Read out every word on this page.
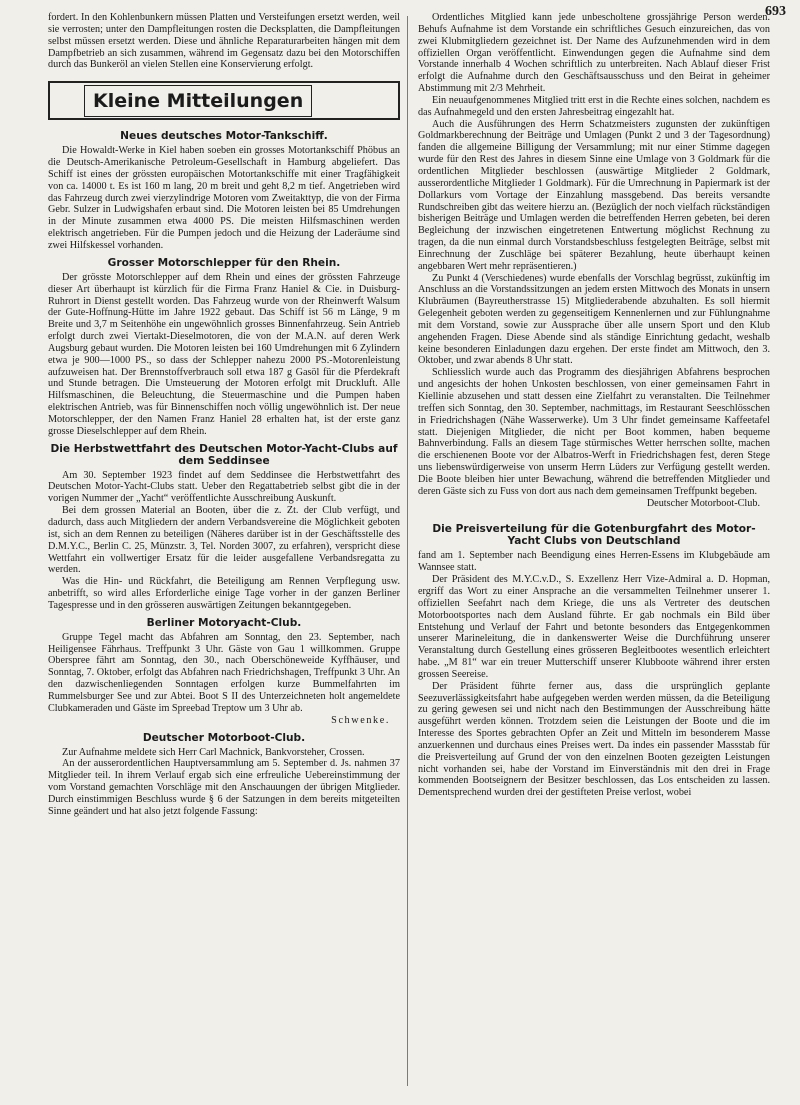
693

fordert. In den Kohlenbunkern müssen Platten und Versteifungen ersetzt werden, weil sie verrosten; unter den Dampfleitungen rosten die Decksplatten, die Dampfleitungen selbst müssen ersetzt werden. Diese und ähnliche Reparaturarbeiten hängen mit dem Dampfbetrieb an sich zusammen, während im Gegensatz dazu bei den Motorschiffen durch das Bunkeröl an vielen Stellen eine Konservierung erfolgt.

Kleine Mitteilungen
Neues deutsches Motor-Tankschiff.

Die Howaldt-Werke in Kiel haben soeben ein grosses Motortankschiff Phöbus an die Deutsch-Amerikanische Petroleum-Gesellschaft in Hamburg abgeliefert. Das Schiff ist eines der grössten europäischen Motortankschiffe mit einer Tragfähigkeit von ca. 14000 t. Es ist 160 m lang, 20 m breit und geht 8,2 m tief. Angetrieben wird das Fahrzeug durch zwei vierzylindrige Motoren vom Zweitakttyp, die von der Firma Gebr. Sulzer in Ludwigshafen erbaut sind. Die Motoren leisten bei 85 Umdrehungen in der Minute zusammen etwa 4000 PS. Die meisten Hilfsmaschinen werden elektrisch angetrieben. Für die Pumpen jedoch und die Heizung der Laderäume sind zwei Hilfskessel vorhanden.

Grosser Motorschlepper für den Rhein.

Der grösste Motorschlepper auf dem Rhein und eines der grössten Fahrzeuge dieser Art überhaupt ist kürzlich für die Firma Franz Haniel & Cie. in Duisburg-Ruhrort in Dienst gestellt worden. Das Fahrzeug wurde von der Rheinwerft Walsum der Gute-Hoffnung-Hütte im Jahre 1922 gebaut. Das Schiff ist 56 m Länge, 9 m Breite und 3,7 m Seitenhöhe ein ungewöhnlich grosses Binnenfahrzeug. Sein Antrieb erfolgt durch zwei Viertakt-Dieselmotoren, die von der M.A.N. auf deren Werk Augsburg gebaut wurden. Die Motoren leisten bei 160 Umdrehungen mit 6 Zylindern etwa je 900—1000 PS., so dass der Schlepper nahezu 2000 PS.-Motorenleistung aufzuweisen hat. Der Brennstoffverbrauch soll etwa 187 g Gasöl für die Pferdekraft und Stunde betragen. Die Umsteuerung der Motoren erfolgt mit Druckluft. Alle Hilfsmaschinen, die Beleuchtung, die Steuermaschine und die Pumpen haben elektrischen Antrieb, was für Binnenschiffen noch völlig ungewöhnlich ist. Der neue Motorschlepper, der den Namen Franz Haniel 28 erhalten hat, ist der erste ganz grosse Dieselschlepper auf dem Rhein.

Die Herbstwettfahrt des Deutschen Motor-Yacht-Clubs auf dem Seddinsee

Am 30. September 1923 findet auf dem Seddinsee die Herbstwettfahrt des Deutschen Motor-Yacht-Clubs statt. Ueber den Regattabetrieb selbst gibt die in der vorigen Nummer der „Yacht“ veröffentlichte Ausschreibung Auskunft.

Bei dem grossen Material an Booten, über die z. Zt. der Club verfügt, und dadurch, dass auch Mitgliedern der andern Verbandsvereine die Möglichkeit geboten ist, sich an dem Rennen zu beteiligen (Näheres darüber ist in der Geschäftsstelle des D.M.Y.C., Berlin C. 25, Münzstr. 3, Tel. Norden 3007, zu erfahren), verspricht diese Wettfahrt ein vollwertiger Ersatz für die leider ausgefallene Verbandsregatta zu werden.

Was die Hin- und Rückfahrt, die Beteiligung am Rennen Verpflegung usw. anbetrifft, so wird alles Erforderliche einige Tage vorher in der ganzen Berliner Tagespresse und in den grösseren auswärtigen Zeitungen bekanntgegeben.

Berliner Motoryacht-Club.

Gruppe Tegel macht das Abfahren am Sonntag, den 23. September, nach Heiligensee Fährhaus. Treffpunkt 3 Uhr. Gäste von Gau 1 willkommen. Gruppe Oberspree fährt am Sonntag, den 30., nach Oberschöneweide Kyffhäuser, und Sonntag, 7. Oktober, erfolgt das Abfahren nach Friedrichshagen, Treffpunkt 3 Uhr. An den dazwischenliegenden Sonntagen erfolgen kurze Bummelfahrten im Rummelsburger See und zur Abtei. Boot S II des Unterzeichneten holt angemeldete Clubkameraden und Gäste im Spreebad Treptow um 3 Uhr ab.

Schwenke.

Deutscher Motorboot-Club.

Zur Aufnahme meldete sich Herr Carl Machnick, Bankvorsteher, Crossen.

An der ausserordentlichen Hauptversammlung am 5. September d. Js. nahmen 37 Mitglieder teil. In ihrem Verlauf ergab sich eine erfreuliche Uebereinstimmung der vom Vorstand gemachten Vorschläge mit den Anschauungen der übrigen Mitglieder. Durch einstimmigen Beschluss wurde § 6 der Satzungen in dem bereits mitgeteilten Sinne geändert und hat also jetzt folgende Fassung:

Ordentliches Mitglied kann jede unbescholtene grossjährige Person werden. Behufs Aufnahme ist dem Vorstande ein schriftliches Gesuch einzureichen, das von zwei Klubmitgliedern gezeichnet ist. Der Name des Aufzunehmenden wird in dem offiziellen Organ veröffentlicht. Einwendungen gegen die Aufnahme sind dem Vorstande innerhalb 4 Wochen schriftlich zu unterbreiten. Nach Ablauf dieser Frist erfolgt die Aufnahme durch den Geschäftsausschuss und den Beirat in geheimer Abstimmung mit 2/3 Mehrheit.

Ein neuaufgenommenes Mitglied tritt erst in die Rechte eines solchen, nachdem es das Aufnahmegeld und den ersten Jahresbeitrag eingezahlt hat.

Auch die Ausführungen des Herrn Schatzmeisters zugunsten der zukünftigen Goldmarkberechnung der Beiträge und Umlagen (Punkt 2 und 3 der Tagesordnung) fanden die allgemeine Billigung der Versammlung; mit nur einer Stimme dagegen wurde für den Rest des Jahres in diesem Sinne eine Umlage von 3 Goldmark für die ordentlichen Mitglieder beschlossen (auswärtige Mitglieder 2 Goldmark, ausserordentliche Mitglieder 1 Goldmark). Für die Umrechnung in Papiermark ist der Dollarkurs vom Vortage der Einzahlung massgebend. Das bereits versandte Rundschreiben gibt das weitere hierzu an. (Bezüglich der noch vielfach rückständigen bisherigen Beiträge und Umlagen werden die betreffenden Herren gebeten, bei deren Begleichung der inzwischen eingetretenen Entwertung möglichst Rechnung zu tragen, da die nun einmal durch Vorstandsbeschluss festgelegten Beiträge, selbst mit Einrechnung der Zuschläge bei späterer Bezahlung, heute überhaupt keinen angebbaren Wert mehr repräsentieren.)

Zu Punkt 4 (Verschiedenes) wurde ebenfalls der Vorschlag begrüsst, zukünftig im Anschluss an die Vorstandssitzungen an jedem ersten Mittwoch des Monats in unsern Klubräumen (Bayreutherstrasse 15) Mitgliederabende abzuhalten. Es soll hiermit Gelegenheit geboten werden zu gegenseitigem Kennenlernen und zur Fühlungnahme mit dem Vorstand, sowie zur Aussprache über alle unsern Sport und den Klub angehenden Fragen. Diese Abende sind als ständige Einrichtung gedacht, weshalb keine besonderen Einladungen dazu ergehen. Der erste findet am Mittwoch, den 3. Oktober, und zwar abends 8 Uhr statt.

Schliesslich wurde auch das Programm des diesjährigen Abfahrens besprochen und angesichts der hohen Unkosten beschlossen, von einer gemeinsamen Fahrt in Kiellinie abzusehen und statt dessen eine Zielfahrt zu veranstalten. Die Teilnehmer treffen sich Sonntag, den 30. September, nachmittags, im Restaurant Seeschlösschen in Friedrichshagen (Nähe Wasserwerke). Um 3 Uhr findet gemeinsame Kaffeetafel statt. Diejenigen Mitglieder, die nicht per Boot kommen, haben bequeme Bahnverbindung. Falls an diesem Tage stürmisches Wetter herrschen sollte, machen die erschienenen Boote vor der Albatros-Werft in Friedrichshagen fest, deren Stege uns liebenswürdigerweise von unserm Herrn Lüders zur Verfügung gestellt werden. Die Boote bleiben hier unter Bewachung, während die betreffenden Mitglieder und deren Gäste sich zu Fuss von dort aus nach dem gemeinsamen Treffpunkt begeben.

Deutscher Motorboot-Club.

Die Preisverteilung für die Gotenburgfahrt des Motor-Yacht Clubs von Deutschland

fand am 1. September nach Beendigung eines Herren-Essens im Klubgebäude am Wannsee statt.

Der Präsident des M.Y.C.v.D., S. Exzellenz Herr Vize-Admiral a. D. Hopman, ergriff das Wort zu einer Ansprache an die versammelten Teilnehmer unserer 1. offiziellen Seefahrt nach dem Kriege, die uns als Vertreter des deutschen Motorbootsportes nach dem Ausland führte. Er gab nochmals ein Bild über Entstehung und Verlauf der Fahrt und betonte besonders das Entgegenkommen unserer Marineleitung, die in dankenswerter Weise die Durchführung unserer Veranstaltung durch Gestellung eines grösseren Begleitbootes wesentlich erleichtert habe. „M 81“ war ein treuer Mutterschiff unserer Klubboote während ihrer ersten grossen Seereise.

Der Präsident führte ferner aus, dass die ursprünglich geplante Seezuverlässigkeitsfahrt habe aufgegeben werden werden müssen, da die Beteiligung zu gering gewesen sei und nicht nach den Bestimmungen der Ausschreibung hätte ausgeführt werden können. Trotzdem seien die Leistungen der Boote und die im Interesse des Sportes gebrachten Opfer an Zeit und Mitteln im besonderem Masse anzuerkennen und durchaus eines Preises wert. Da indes ein passender Massstab für die Preisverteilung auf Grund der von den einzelnen Booten gezeigten Leistungen nicht vorhanden sei, habe der Vorstand im Einverständnis mit den drei in Frage kommenden Bootseignern der Besitzer beschlossen, das Los entscheiden zu lassen. Dementsprechend wurden drei der gestifteten Preise verlost, wobei
